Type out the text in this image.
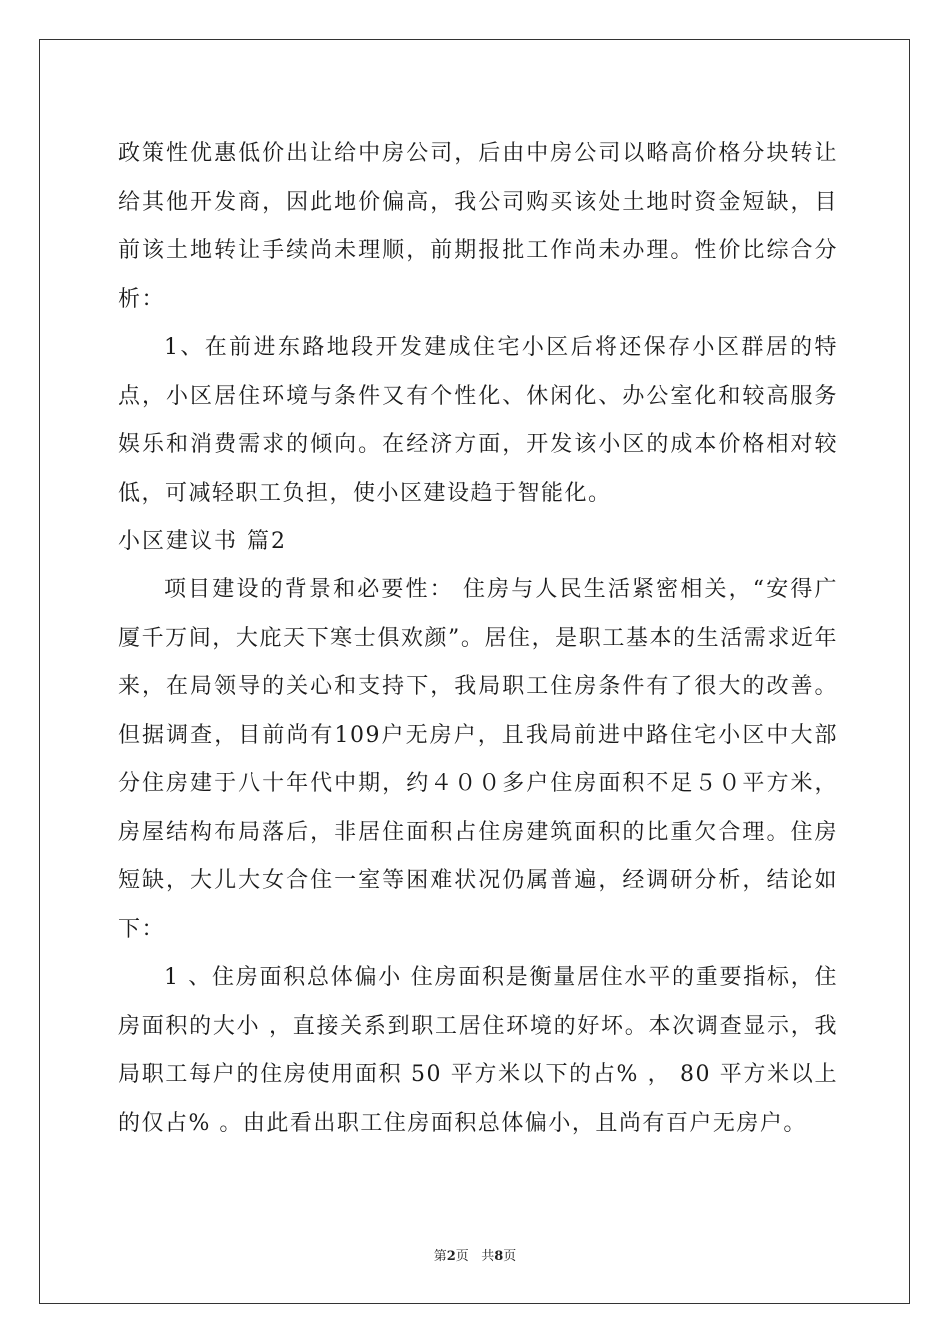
政策性优惠低价出让给中房公司，后由中房公司以略高价格分块转让给其他开发商，因此地价偏高，我公司购买该处土地时资金短缺，目前该土地转让手续尚未理顺，前期报批工作尚未办理。性价比综合分析：

1、在前进东路地段开发建成住宅小区后将还保存小区群居的特点，小区居住环境与条件又有个性化、休闲化、办公室化和较高服务娱乐和消费需求的倾向。在经济方面，开发该小区的成本价格相对较低，可减轻职工负担，使小区建设趋于智能化。

小区建议书 篇2

项目建设的背景和必要性： 住房与人民生活紧密相关，“安得广厦千万间，大庇天下寒士俱欢颜”。居住，是职工基本的生活需求近年来，在局领导的关心和支持下，我局职工住房条件有了很大的改善。但据调查，目前尚有109户无房户，且我局前进中路住宅小区中大部分住房建于八十年代中期，约４００多户住房面积不足５０平方米，房屋结构布局落后，非居住面积占住房建筑面积的比重欠合理。住房短缺，大儿大女合住一室等困难状况仍属普遍，经调研分析，结论如下：

1 、住房面积总体偏小 住房面积是衡量居住水平的重要指标，住房面积的大小 ，直接关系到职工居住环境的好坏。本次调查显示，我局职工每户的住房使用面积 50 平方米以下的占% ， 80 平方米以上的仅占% 。由此看出职工住房面积总体偏小，且尚有百户无房户。

第2页 共8页
